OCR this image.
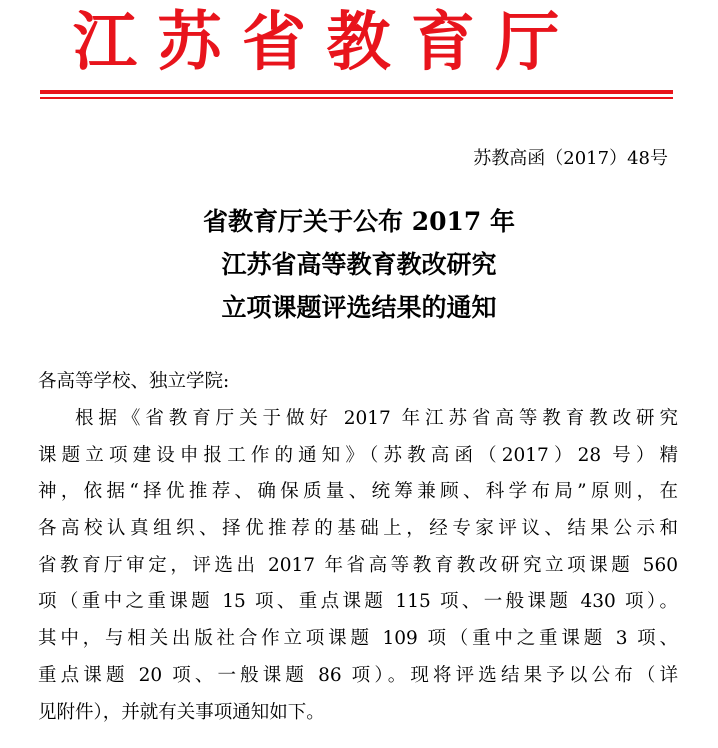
江苏省教育厅
苏教高函（2017）48号
省教育厅关于公布 2017 年
江苏省高等教育教改研究
立项课题评选结果的通知
各高等学校、独立学院:
根据《省教育厅关于做好 2017 年江苏省高等教育教改研究
课题立项建设申报工作的通知》（苏教高函（2017）28 号）精
神，依据“择优推荐、确保质量、统筹兼顾、科学布局”原则，在
各高校认真组织、择优推荐的基础上，经专家评议、结果公示和
省教育厅审定，评选出 2017 年省高等教育教改研究立项课题 560
项（重中之重课题 15 项、重点课题 115 项、一般课题 430 项）。
其中，与相关出版社合作立项课题 109 项（重中之重课题 3 项、
重点课题 20 项、一般课题 86 项）。现将评选结果予以公布（详
见附件），并就有关事项通知如下。
